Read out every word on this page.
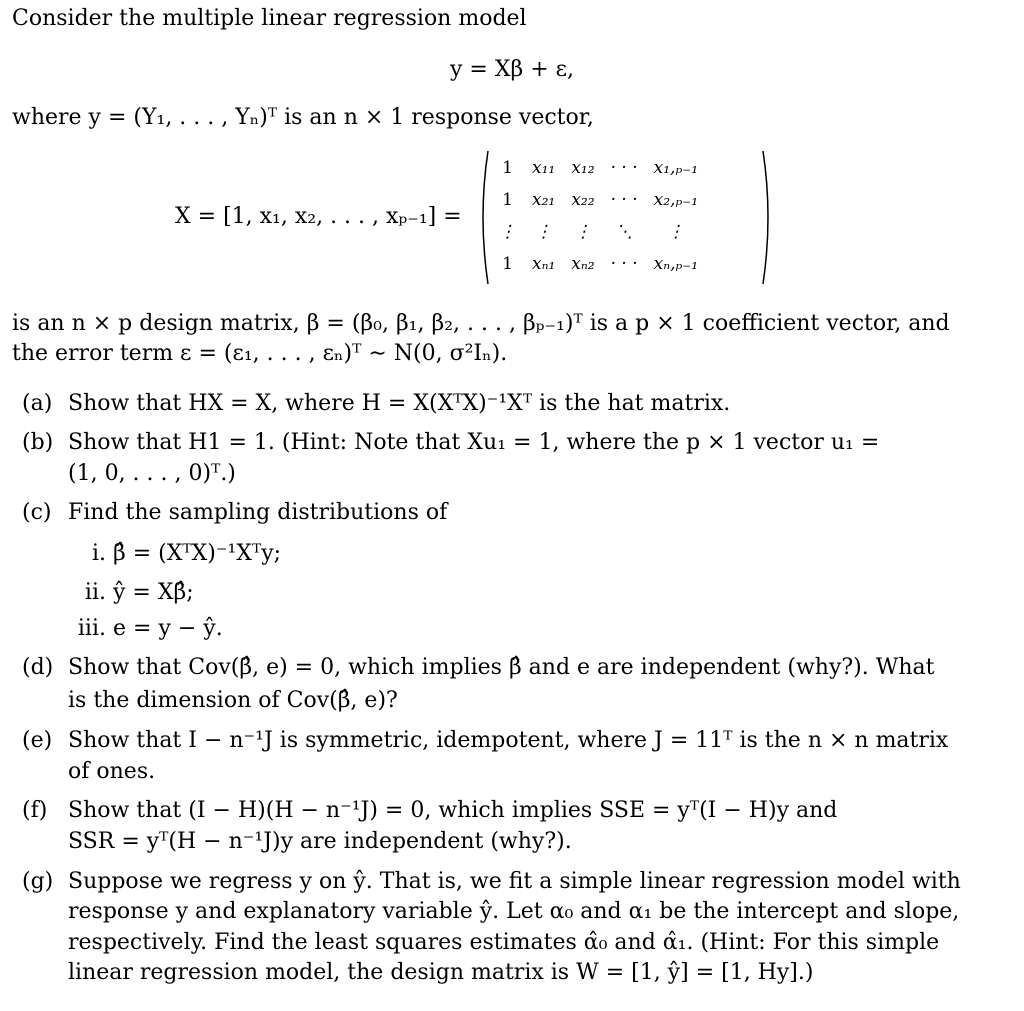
Consider the multiple linear regression model
y = Xβ + ε,
where y = (Y₁, . . . , Yₙ)ᵀ is an n × 1 response vector,
X = [1, x₁, x₂, . . . , xₚ₋₁] =
1	x₁₁	x₁₂	· · ·	x₁,ₚ₋₁
1	x₂₁	x₂₂	· · ·	x₂,ₚ₋₁
⋮	⋮	⋮	⋱	⋮
1	xₙ₁	xₙ₂	· · ·	xₙ,ₚ₋₁
is an n × p design matrix, β = (β₀, β₁, β₂, . . . , βₚ₋₁)ᵀ is a p × 1 coefficient vector, and
the error term ε = (ε₁, . . . , εₙ)ᵀ ∼ N(0, σ²Iₙ).
(a) Show that HX = X, where H = X(XᵀX)⁻¹Xᵀ is the hat matrix.
(b) Show that H1 = 1. (Hint: Note that Xu₁ = 1, where the p × 1 vector u₁ =
(1, 0, . . . , 0)ᵀ.)
(c) Find the sampling distributions of
i. β̂ = (XᵀX)⁻¹Xᵀy;
ii. ŷ = Xβ̂;
iii. e = y − ŷ.
(d) Show that Cov(β̂, e) = 0, which implies β̂ and e are independent (why?). What
is the dimension of Cov(β̂, e)?
(e) Show that I − n⁻¹J is symmetric, idempotent, where J = 11ᵀ is the n × n matrix
of ones.
(f) Show that (I − H)(H − n⁻¹J) = 0, which implies SSE = yᵀ(I − H)y and
SSR = yᵀ(H − n⁻¹J)y are independent (why?).
(g) Suppose we regress y on ŷ. That is, we fit a simple linear regression model with
response y and explanatory variable ŷ. Let α₀ and α₁ be the intercept and slope,
respectively. Find the least squares estimates α̂₀ and α̂₁. (Hint: For this simple
linear regression model, the design matrix is W = [1, ŷ] = [1, Hy].)
